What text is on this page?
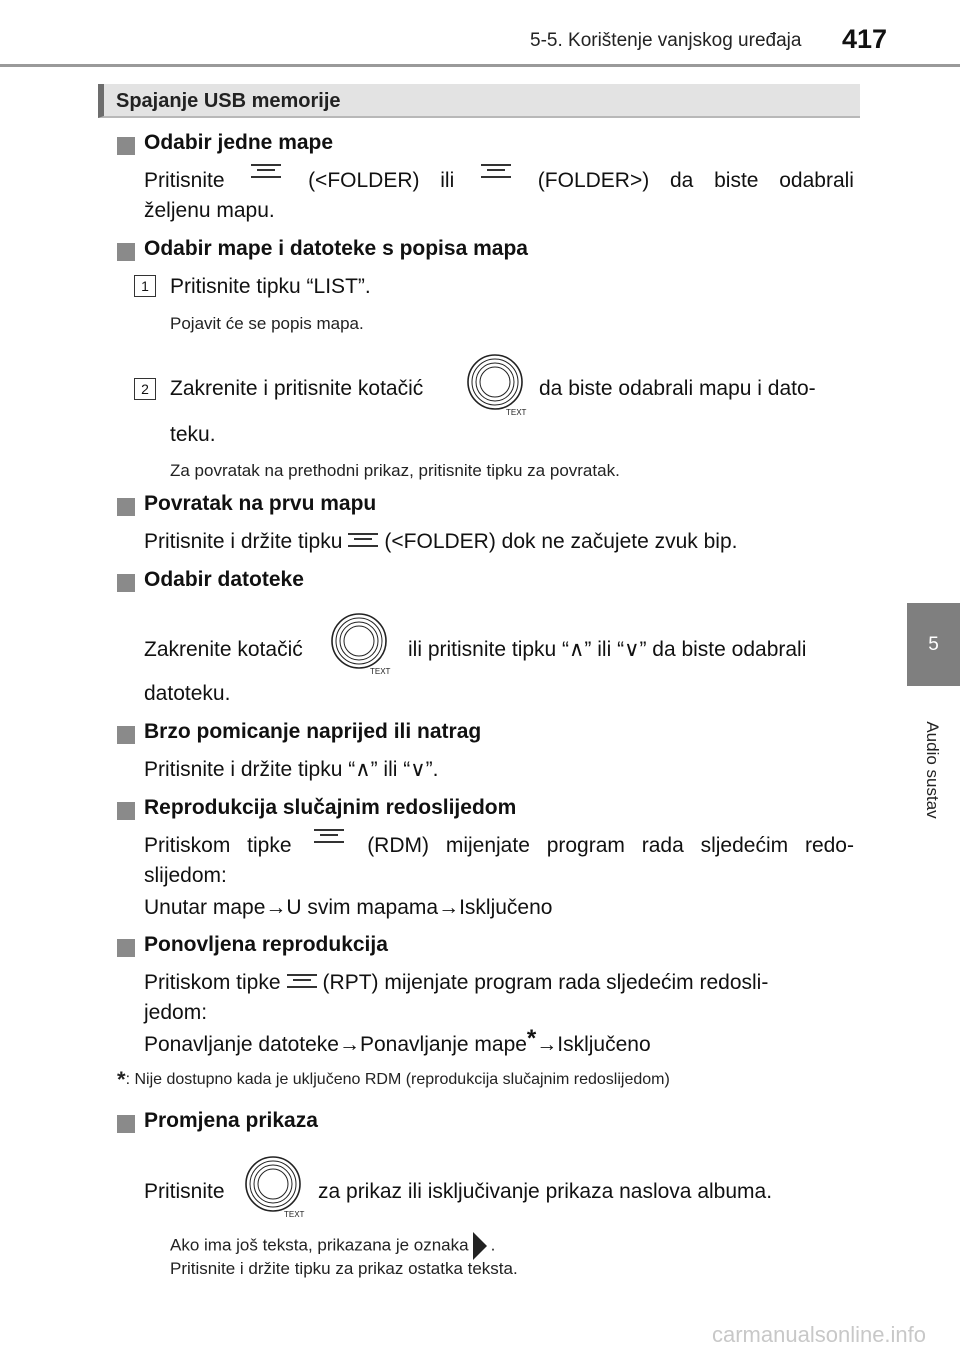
5-5. Korištenje vanjskog uređaja 417
5
Audio sustav
Spajanje USB memorije
Odabir jedne mape
Pritisnite	(<FOLDER) ili	(FOLDER>) da biste odabrali
željenu mapu.
Odabir mape i datoteke s popisa mapa
1	Pritisnite tipku “LIST”.
Pojavit će se popis mapa.
2	Zakrenite i pritisnite kotačić
TEXT
da biste odabrali mapu i dato-
teku.
Za povratak na prethodni prikaz, pritisnite tipku za povratak.
Povratak na prvu mapu
Pritisnite i držite tipku (<FOLDER) dok ne začujete zvuk bip.
Odabir datoteke
Zakrenite kotačić
TEXT
ili pritisnite tipku “∧” ili “∨” da biste odabrali
datoteku.
Brzo pomicanje naprijed ili natrag
Pritisnite i držite tipku “∧” ili “∨”.
Reprodukcija slučajnim redoslijedom
Pritiskom tipke	(RDM) mijenjate program rada sljedećim redo-
slijedom:
Unutar mape→U svim mapama→Isključeno
Ponovljena reprodukcija
Pritiskom tipke (RPT) mijenjate program rada sljedećim redosli-
jedom:
Ponavljanje datoteke→Ponavljanje mape*→Isključeno
*: Nije dostupno kada je uključeno RDM (reprodukcija slučajnim redoslijedom)
Promjena prikaza
Pritisnite
TEXT
za prikaz ili isključivanje prikaza naslova albuma.
Ako ima još teksta, prikazana je oznaka .
Pritisnite i držite tipku za prikaz ostatka teksta.
carmanualsonline.info
